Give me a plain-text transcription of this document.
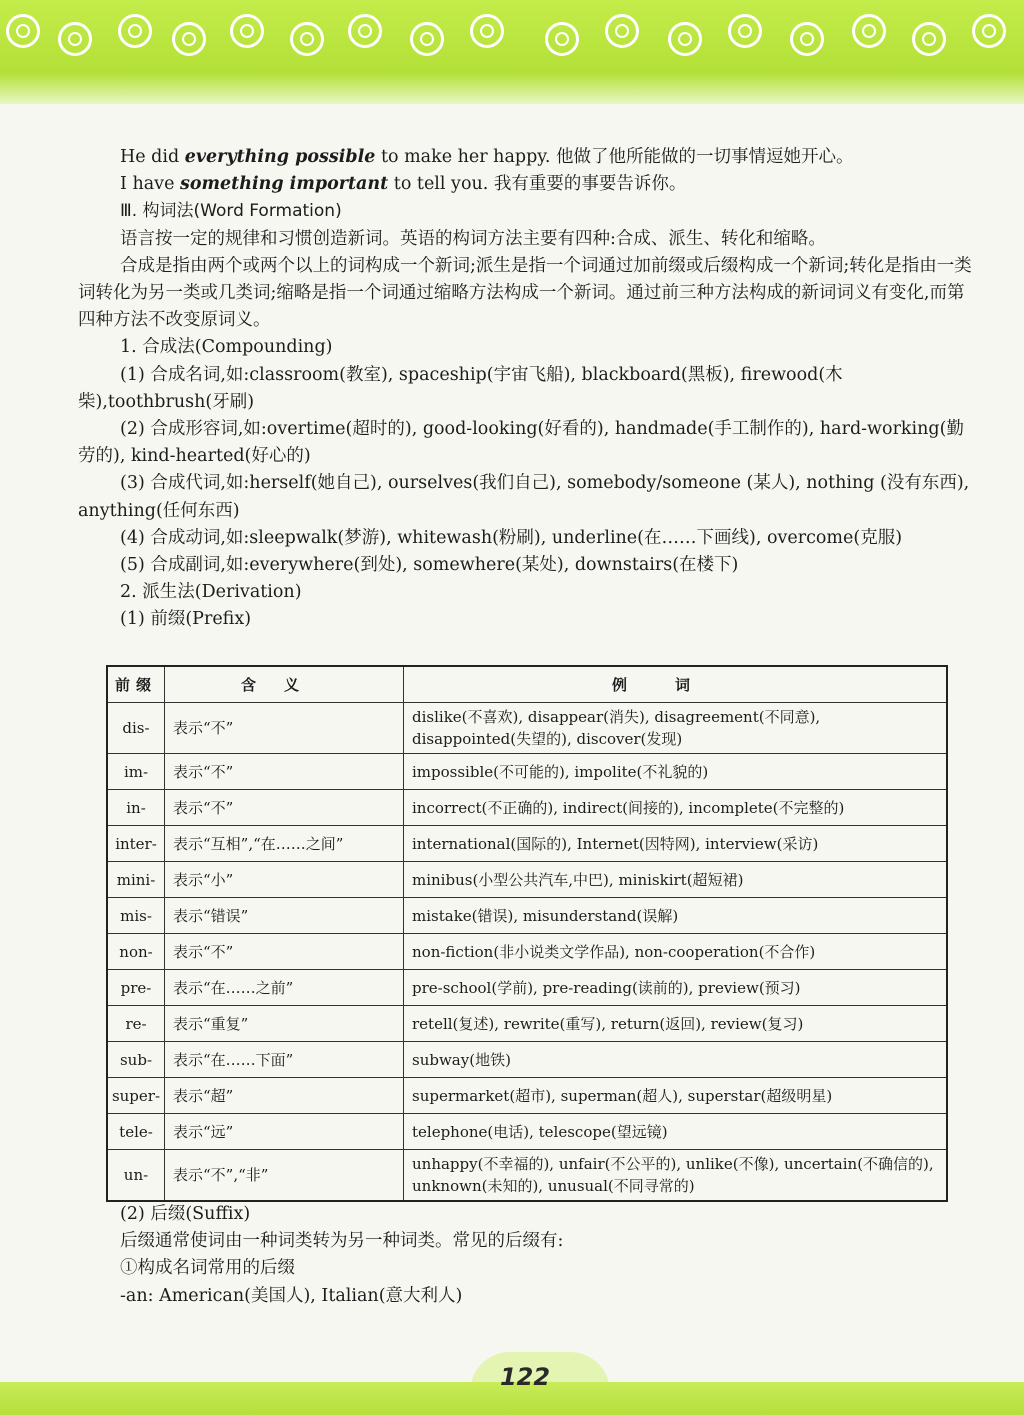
He did everything possible to make her happy. 他做了他所能做的一切事情逗她开心。

I have something important to tell you. 我有重要的事要告诉你。

Ⅲ. 构词法(Word Formation)

语言按一定的规律和习惯创造新词。英语的构词方法主要有四种:合成、派生、转化和缩略。

合成是指由两个或两个以上的词构成一个新词;派生是指一个词通过加前缀或后缀构成一个新词;转化是指由一类词转化为另一类或几类词;缩略是指一个词通过缩略方法构成一个新词。通过前三种方法构成的新词词义有变化,而第四种方法不改变原词义。

1. 合成法(Compounding)

(1) 合成名词,如:classroom(教室), spaceship(宇宙飞船), blackboard(黑板), firewood(木柴),toothbrush(牙刷)

(2) 合成形容词,如:overtime(超时的), good-looking(好看的), handmade(手工制作的), hard-working(勤劳的), kind-hearted(好心的)

(3) 合成代词,如:herself(她自己), ourselves(我们自己), somebody/someone (某人), nothing (没有东西), anything(任何东西)

(4) 合成动词,如:sleepwalk(梦游), whitewash(粉刷), underline(在……下画线), overcome(克服)

(5) 合成副词,如:everywhere(到处), somewhere(某处), downstairs(在楼下)

2. 派生法(Derivation)

(1) 前缀(Prefix)

前缀	含义	例词
dis-	表示“不”	dislike(不喜欢), disappear(消失), disagreement(不同意), disappointed(失望的), discover(发现)
im-	表示“不”	impossible(不可能的), impolite(不礼貌的)
in-	表示“不”	incorrect(不正确的), indirect(间接的), incomplete(不完整的)
inter-	表示“互相”,“在……之间”	international(国际的), Internet(因特网), interview(采访)
mini-	表示“小”	minibus(小型公共汽车,中巴), miniskirt(超短裙)
mis-	表示“错误”	mistake(错误), misunderstand(误解)
non-	表示“不”	non-fiction(非小说类文学作品), non-cooperation(不合作)
pre-	表示“在……之前”	pre-school(学前), pre-reading(读前的), preview(预习)
re-	表示“重复”	retell(复述), rewrite(重写), return(返回), review(复习)
sub-	表示“在……下面”	subway(地铁)
super-	表示“超”	supermarket(超市), superman(超人), superstar(超级明星)
tele-	表示“远”	telephone(电话), telescope(望远镜)
un-	表示“不”,“非”	unhappy(不幸福的), unfair(不公平的), unlike(不像), uncertain(不确信的), unknown(未知的), unusual(不同寻常的)

(2) 后缀(Suffix)

后缀通常使词由一种词类转为另一种词类。常见的后缀有:

①构成名词常用的后缀

-an: American(美国人), Italian(意大利人)

122
